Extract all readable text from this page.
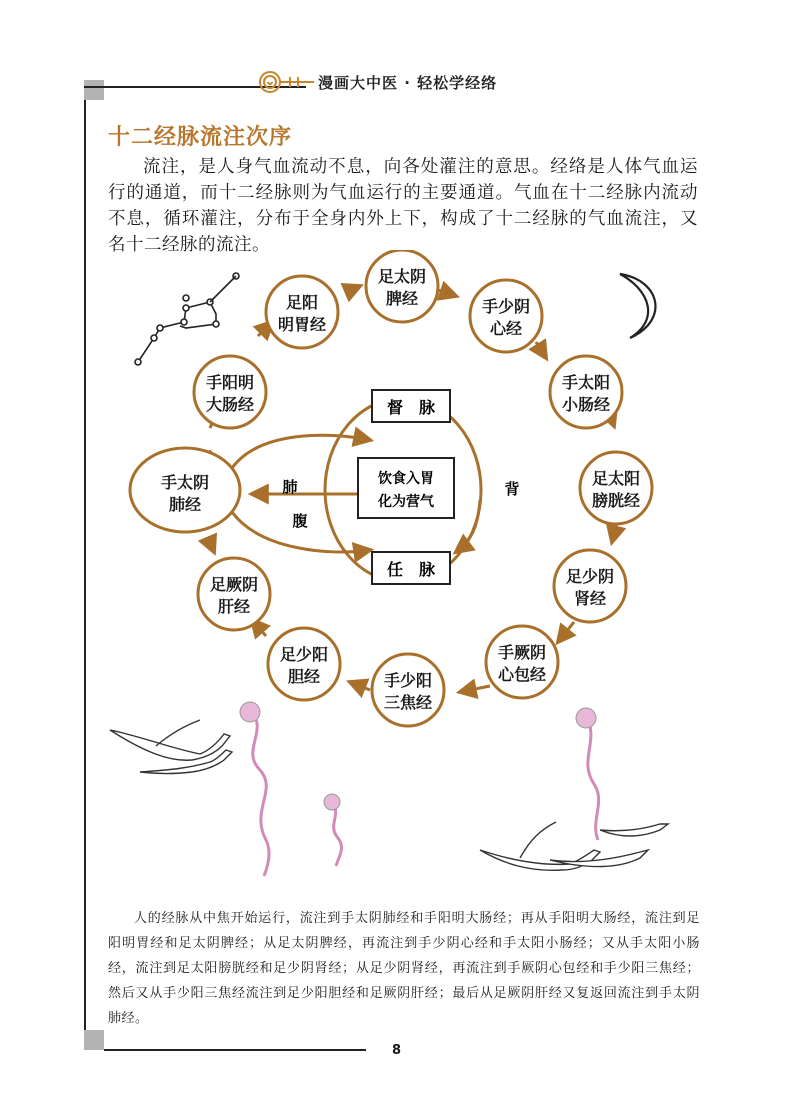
漫画大中医 · 轻松学经络
十二经脉流注次序

流注，是人身气血流动不息，向各处灌注的意思。经络是人体气血运行的通道，而十二经脉则为气血运行的主要通道。气血在十二经脉内流动不息，循环灌注，分布于全身内外上下，构成了十二经脉的气血流注，又名十二经脉的流注。

手太阴
肺经
手阳明
大肠经
足阳
明胃经
足太阴
脾经	手少阴
心经
手太阳
小肠经
足太阳
膀胱经
足少阴
肾经
手厥阴
心包经
手少阳
三焦经
足少阳
胆经
足厥阴
肝经
督　脉
任　脉
饮食入胃
化为营气
肺
腹
背

人的经脉从中焦开始运行，流注到手太阴肺经和手阳明大肠经；再从手阳明大肠经，流注到足阳明胃经和足太阴脾经；从足太阴脾经，再流注到手少阴心经和手太阳小肠经；又从手太阳小肠经，流注到足太阳膀胱经和足少阴肾经；从足少阴肾经，再流注到手厥阴心包经和手少阳三焦经；然后又从手少阳三焦经流注到足少阳胆经和足厥阴肝经；最后从足厥阴肝经又复返回流注到手太阴肺经。

8
